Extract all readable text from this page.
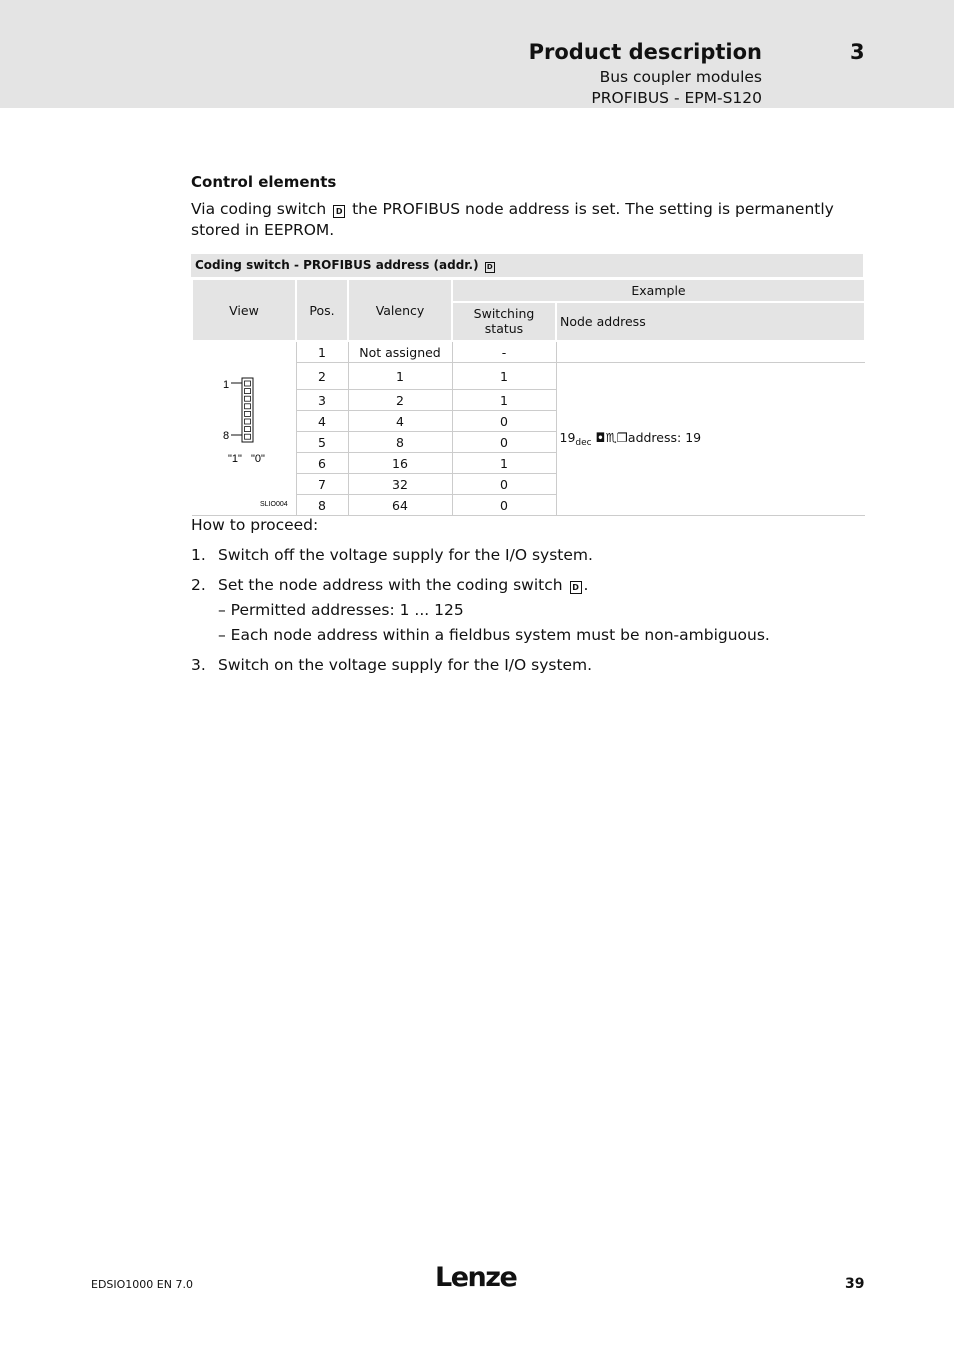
Product description	3
Bus coupler modules
PROFIBUS - EPM-S120
Control elements
Via coding switch D the PROFIBUS node address is set. The setting is permanently stored in EEPROM.
Coding switch - PROFIBUS address (addr.) D
View	Pos.	Valency	Example	
			Switching status	Node address

1
8
"1" "0"
SLIO004	1	Not assigned	-	
	2	1	1	$19_{dec}$ ◘♏❐address: 19
	3	2	1	
	4	4	0	
	5	8	0	
	6	16	1	
	7	32	0	
	8	64	0	
How to proceed:
1. Switch off the voltage supply for the I/O system.
2. Set the node address with the coding switch D .
– Permitted addresses: 1 ... 125
– Each node address within a fieldbus system must be non-ambiguous.
3. Switch on the voltage supply for the I/O system.
EDSIO1000 EN 7.0	Lenze	39
